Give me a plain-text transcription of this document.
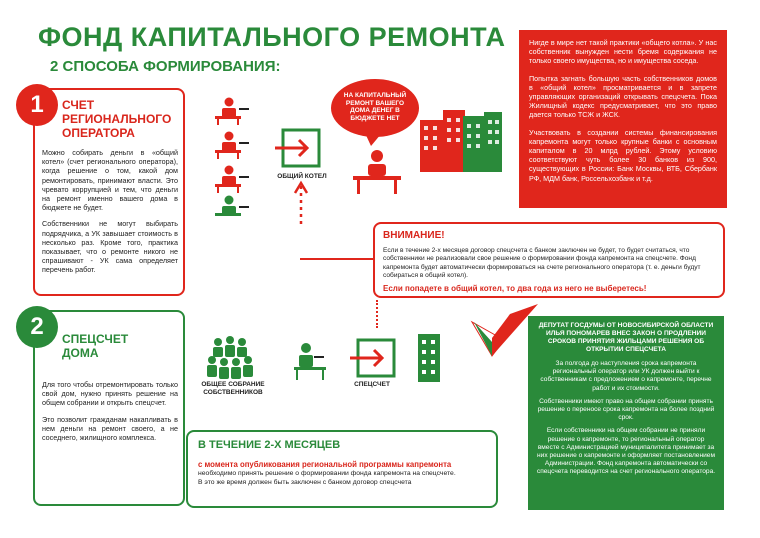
ФОНД КАПИТАЛЬНОГО РЕМОНТА
2 СПОСОБА ФОРМИРОВАНИЯ:

Нигде в мире нет такой практики «общего котла». У нас собственник вынужден нести бремя содержания не только своего имущества, но и имущества соседа.

Попытка загнать большую часть собственников домов в «общий котел» просматривается и в запрете управляющих организаций открывать спецсчета. Пока Жилищный кодекс предусматривает, что это право дается только ТСЖ и ЖСК.

Участвовать в создании системы финансирования капремонта могут только крупные банки с основным капиталом в 20 млрд рублей. Этому условию соответствуют чуть более 30 банков из 900, существующих в России: Банк Москвы, ВТБ, Сбербанк РФ, МДМ банк, Россельхозбанк и т.д.

1 СЧЕТ РЕГИОНАЛЬНОГО ОПЕРАТОРА

Можно собирать деньги в «общий котел» (счет регионального оператора), когда решение о том, какой дом ремонтировать, принимают власти. Это чревато коррупцией и тем, что деньги на ремонт именно вашего дома в бюджете не будет.

Собственники не могут выбирать подрядчика, а УК завышает стоимость в несколько раз. Кроме того, практика показывает, что о ремонте никого не спрашивают - УК сама определяет перечень работ.

ОБЩИЙ КОТЕЛ
НА КАПИТАЛЬНЫЙ РЕМОНТ ВАШЕГО ДОМА ДЕНЕГ В БЮДЖЕТЕ НЕТ
ВНИМАНИЕ!

Если в течение 2-х месяцев договор спецсчета с банком заключен не будет, то будет считаться, что собственники не реализовали свое решение о формировании фонда капремонта на спецсчете. Фонд капремонта будет автоматически формироваться на счете регионального оператора (т. е. деньги будут собираться в общий котел).

Если попадете в общий котел, то два года из него не выберетесь!

2 СПЕЦСЧЕТ ДОМА

Для того чтобы отремонтировать только свой дом, нужно принять решение на общем собрании и открыть спецсчет.

Это позволит гражданам накапливать в нем деньги на ремонт своего, а не соседнего, жилищного комплекса.

ОБЩЕЕ СОБРАНИЕ СОБСТВЕННИКОВ
СПЕЦСЧЕТ
В ТЕЧЕНИЕ 2-Х МЕСЯЦЕВ

с момента опубликования региональной программы капремонта

необходимо принять решение о формировании фонда капремонта на спецсчете.

В это же время должен быть заключен с банком договор спецсчета

ДЕПУТАТ ГОСДУМЫ ОТ НОВОСИБИРСКОЙ ОБЛАСТИ ИЛЬЯ ПОНОМАРЕВ ВНЕС ЗАКОН О ПРОДЛЕНИИ СРОКОВ ПРИНЯТИЯ ЖИЛЬЦАМИ РЕШЕНИЯ ОБ ОТКРЫТИИ СПЕЦСЧЕТА

За полгода до наступления срока капремонта региональный оператор или УК должен выйти к собственникам с предложением о капремонте, перечне работ и их стоимости.

Собственники имеют право на общем собрании принять решение о переносе срока капремонта на более поздний срок.

Если собственники на общем собрании не приняли решение о капремонте, то региональный оператор вместе с Администрацией муниципалитета принимает за них решение о капремонте и оформляет постановлением Администрации. Фонд капремонта автоматически со спецсчета переводится на счет регионального оператора.
